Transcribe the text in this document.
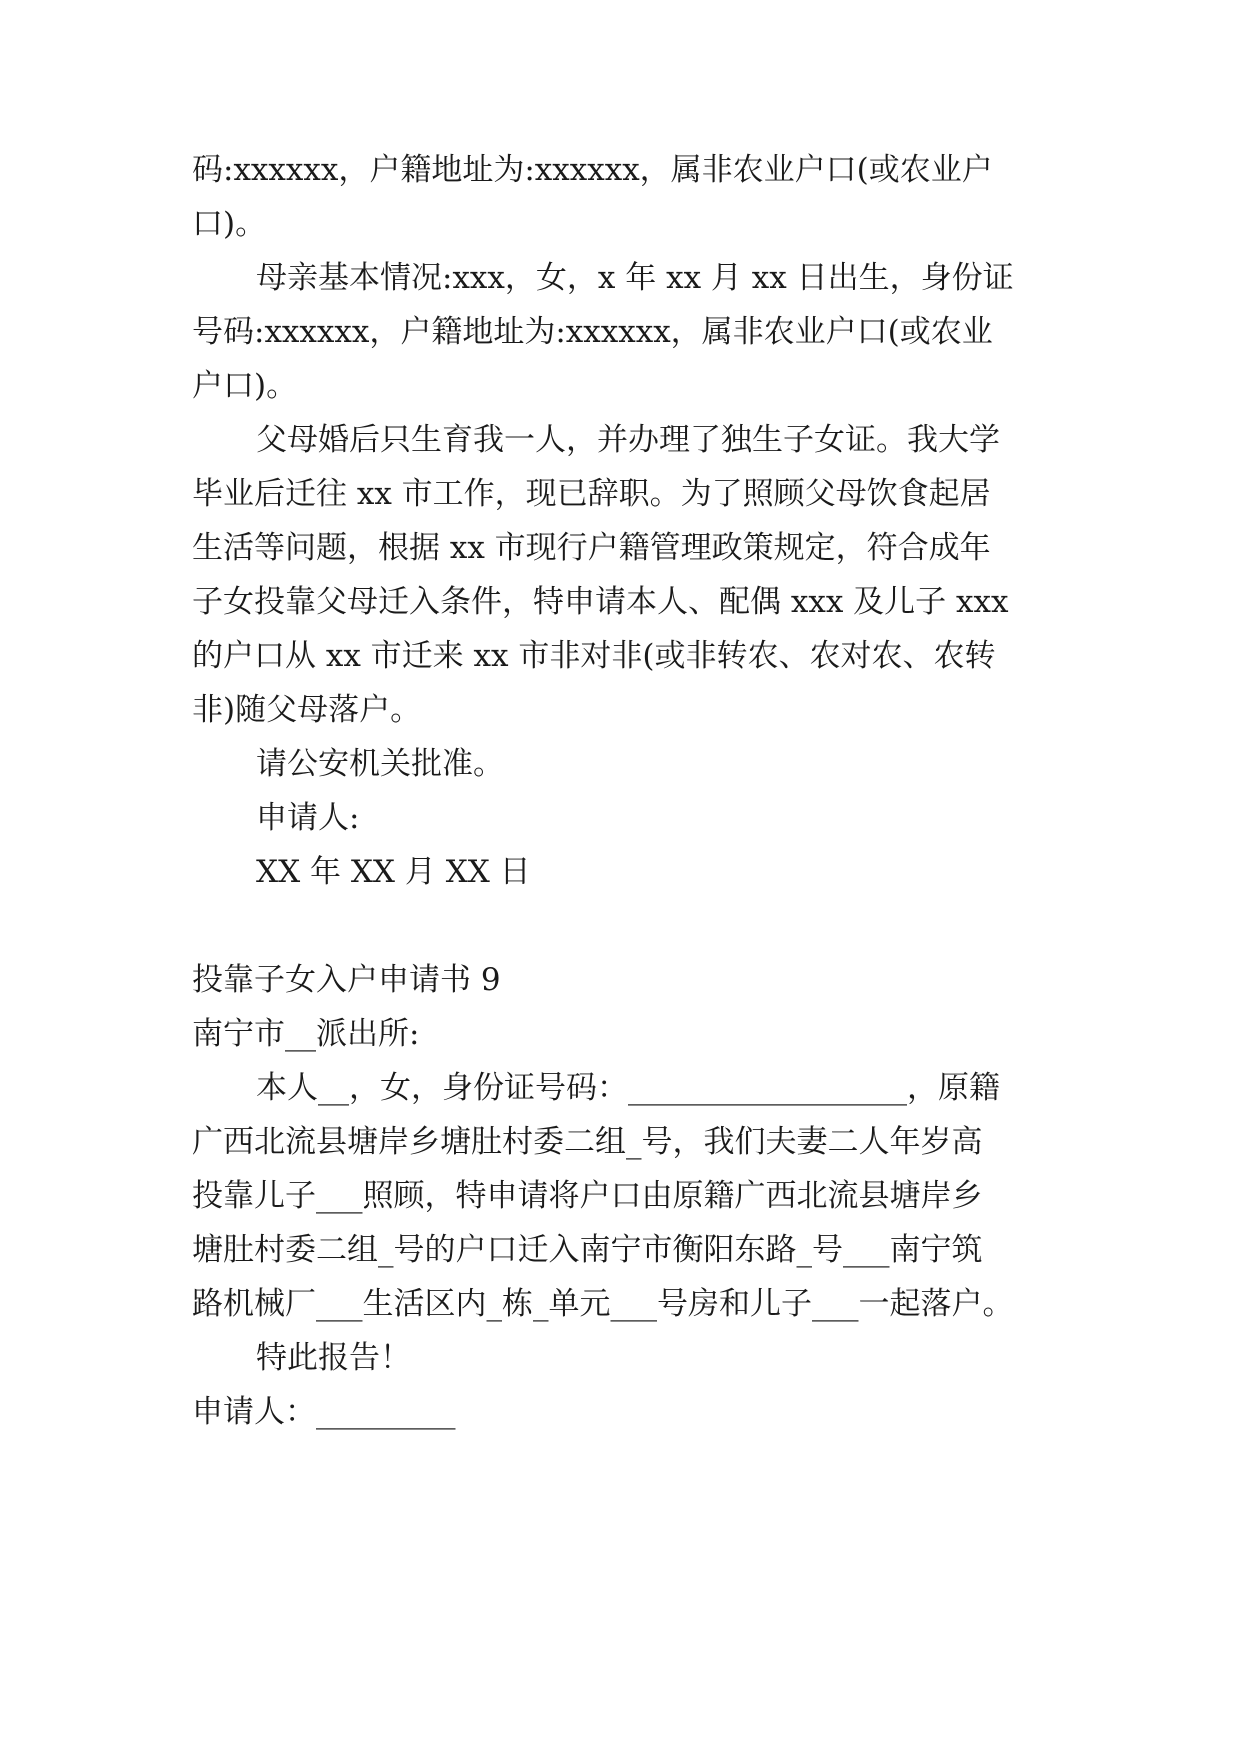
码:xxxxxx，户籍地址为:xxxxxx，属非农业户口(或农业户
口)。
母亲基本情况:xxx，女，x 年 xx 月 xx 日出生，身份证
号码:xxxxxx，户籍地址为:xxxxxx，属非农业户口(或农业
户口)。
父母婚后只生育我一人，并办理了独生子女证。我大学
毕业后迁往 xx 市工作，现已辞职。为了照顾父母饮食起居
生活等问题，根据 xx 市现行户籍管理政策规定，符合成年
子女投靠父母迁入条件，特申请本人、配偶 xxx 及儿子 xxx
的户口从 xx 市迁来 xx 市非对非(或非转农、农对农、农转
非)随父母落户。
请公安机关批准。
申请人:
XX 年 XX 月 XX 日
投靠子女入户申请书 9
南宁市__派出所:
本人__，女，身份证号码：__________________，原籍
广西北流县塘岸乡塘肚村委二组_号，我们夫妻二人年岁高
投靠儿子___照顾，特申请将户口由原籍广西北流县塘岸乡
塘肚村委二组_号的户口迁入南宁市衡阳东路_号___南宁筑
路机械厂___生活区内_栋_单元___号房和儿子___一起落户。
特此报告！
申请人：_________
